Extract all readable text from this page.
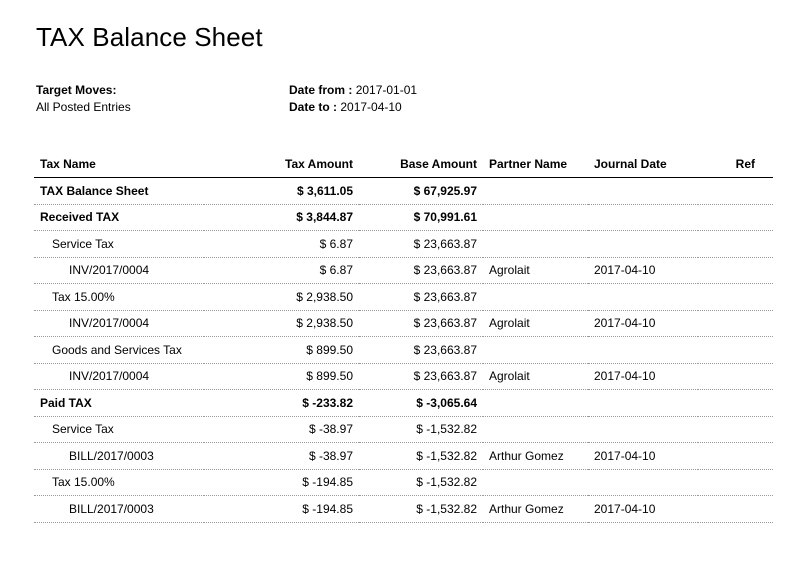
TAX Balance Sheet
Target Moves:
All Posted Entries
Date from : 2017-01-01
Date to : 2017-04-10
Tax Name	Tax Amount	Base Amount	Partner Name	Journal Date	Ref
TAX Balance Sheet	$ 3,611.05	$ 67,925.97			
Received TAX	$ 3,844.87	$ 70,991.61			
Service Tax	$ 6.87	$ 23,663.87			
INV/2017/0004	$ 6.87	$ 23,663.87	Agrolait	2017-04-10	
Tax 15.00%	$ 2,938.50	$ 23,663.87			
INV/2017/0004	$ 2,938.50	$ 23,663.87	Agrolait	2017-04-10	
Goods and Services Tax	$ 899.50	$ 23,663.87			
INV/2017/0004	$ 899.50	$ 23,663.87	Agrolait	2017-04-10	
Paid TAX	$ -233.82	$ -3,065.64			
Service Tax	$ -38.97	$ -1,532.82			
BILL/2017/0003	$ -38.97	$ -1,532.82	Arthur Gomez	2017-04-10	
Tax 15.00%	$ -194.85	$ -1,532.82			
BILL/2017/0003	$ -194.85	$ -1,532.82	Arthur Gomez	2017-04-10	
